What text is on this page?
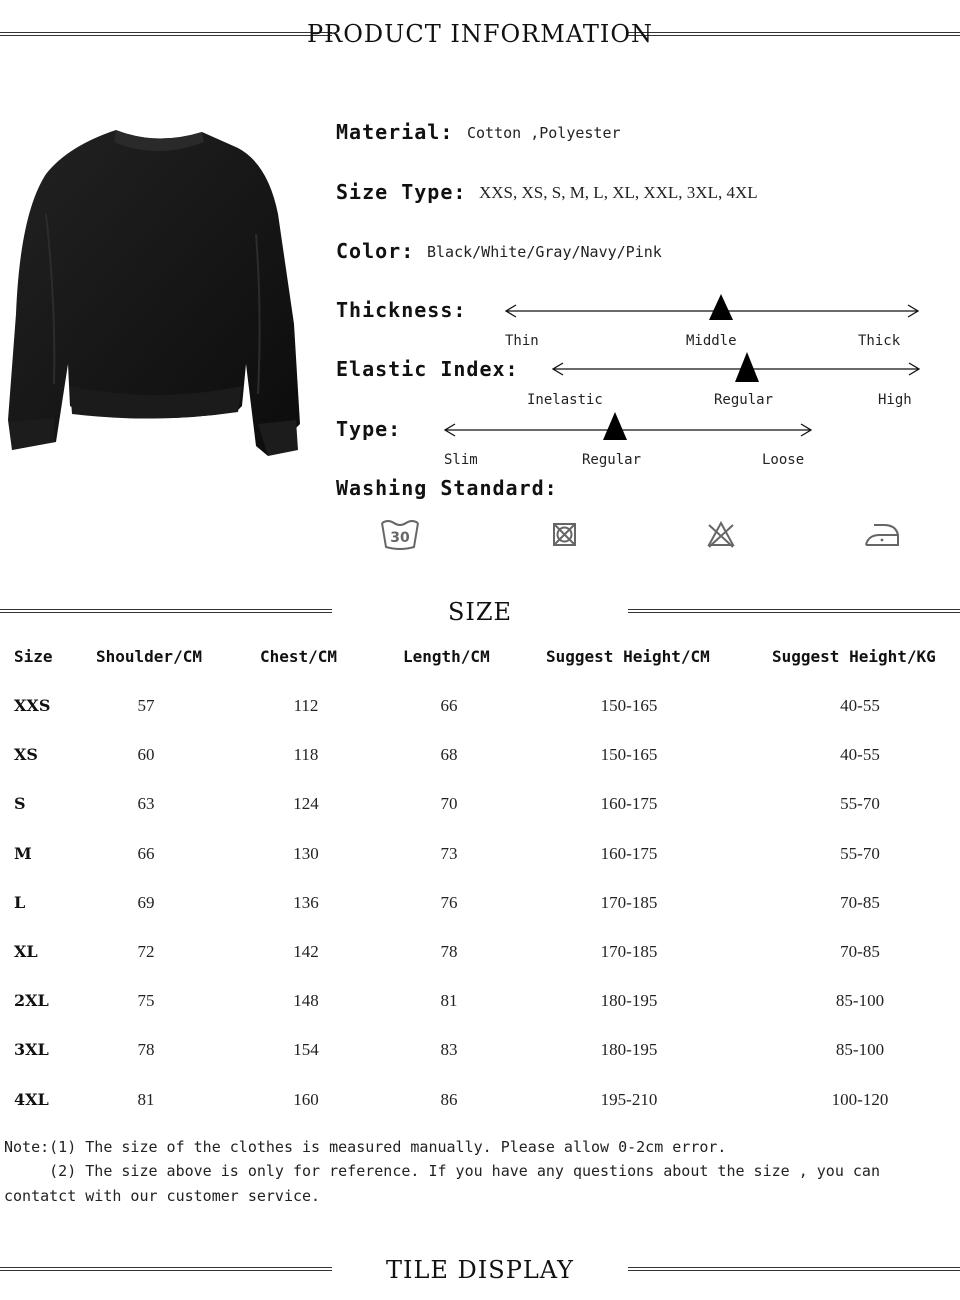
PRODUCT INFORMATION
Material: Cotton ,Polyester
Size Type: XXS, XS, S, M, L, XL, XXL, 3XL, 4XL
Color: Black/White/Gray/Navy/Pink
Thickness:
Thin	Middle	Thick
Elastic Index:
Inelastic	Regular	High
Type:
Slim	Regular	Loose
Washing Standard:
30
SIZE
Size	Shoulder/CM	Chest/CM	Length/CM	Suggest Height/CM	Suggest Height/KG
XXS	57	112	66	150-165	40-55
XS	60	118	68	150-165	40-55
S	63	124	70	160-175	55-70
M	66	130	73	160-175	55-70
L	69	136	76	170-185	70-85
XL	72	142	78	170-185	70-85
2XL	75	148	81	180-195	85-100
3XL	78	154	83	180-195	85-100
4XL	81	160	86	195-210	100-120
Note:(1) The size of the clothes is measured manually. Please allow 0-2cm error.
(2) The size above is only for reference. If you have any questions about the size , you can
contatct with our customer service.
TILE DISPLAY
